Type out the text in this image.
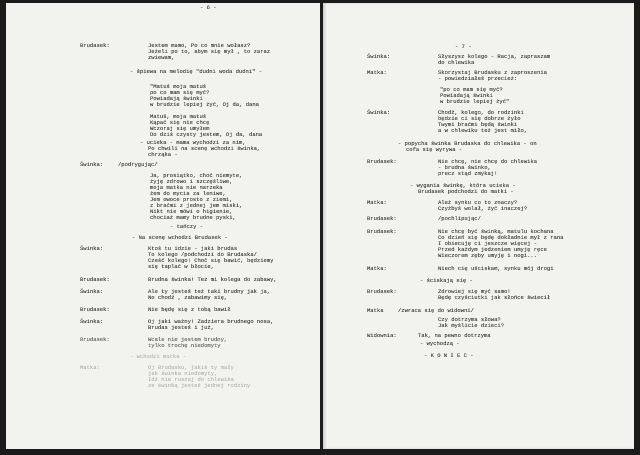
- 6 -
Brudasek:	Jestem mamo, Po co mnie wołasz?
Jeżeli po to, abym się mył , to zaraz
zwiewam,
- śpiewa na melodię "dudni woda dudni" -
"Matuś moja matuś
po co mam się myć?
Powiadają świnki
w brudzie lepiej żyć, Oj da, dana
Matuś, moja matuś
Kąpać się nie chcę
Wczoraj się umyłem
Do dziś czysty jestem, Oj da, dana
- ucieka - mama wychodzi za nim,
Po chwili na scenę wchodzi świnka,
chrząka -
Świnka:	/podrygując/
Ja, prosiątko, choć niemyte,
żyję zdrowo i szczęśliwe,
moja matka nie narzeka
żem do mycia za leniwe,
Jem owoce prosto z ziemi,
z braćmi z jednej jem miski,
Nikt nie mówi o higienie,
chociaż mamy brudne pyski,
- tańczy -
- Na scenę wchodzi Brudasek -
Świnka:	Ktoś tu idzie - jaki brudas
To kolego /podchodzi do Brudaska/
Cześć kolego! Choć się bawić, będziemy
się taplać w błocie,
Brudasek:	Brudna świnka! Też mi kolega do zabawy,
Świnka:	Ale ty jesteś też taki brudny jak ja,
No chodź , zabawimy się,
Brudasek:	Nie będę się z tobą bawił
Świnka:	Oj jaki ważny! Zadziera brudnego nosa,
Brudas jesteś i już,
Brudasek:	Wcale nie jestem brudny,
tylko trochę niedomyty
- wchodzi matka -
Matka:	Oj Brudasku, jakiś ty mały
jak świnka niedomyty,
Idź nie ruszaj do chlewika
ze świnką jesteś jednej rodziny
- 7 -
Świnka:	Słyszysz kolego - Racja, zapraszam
do chlewika
Matka:	Skorzystaj Brudasku z zaproszenia
- powiedziałeś przecież:
"po co mam się myć?
Powiadają świnki
w brudzie lepiej żyć"
Świnka:	Chodź, kolego, do rodzinki
będzie ci się dobrze żyło
Twymi braćmi będą świnki
a w chlewiku też jest miło,
- popycha świnka Brudaska do chlewika - on
cofa się wyrywa -
Brudasek:	Nie chcę, nie chcę do chlewika
- brudna świnko,
precz stąd zmykaj!
- wygania świnkę, która ucieka -
Brudasek podchodzi do matki -
Matka:	Ależ synku co to znaczy?
Czyżbyś wolał, żyć inaczej?
Brudasek:	/pochlipując/
Brudasek:	Nie chcę być świnką, matulu kochana
Co dzień się będę dokładnie mył z rana
I obiecuję ci jeszcze więcej -
Przed każdym jedzeniem umyję ręce
Wieczorem zęby umyję i nogi...
Matka:	Niech cię uściskam, synku mój drogi
- ściskają się -
Brudasek:	Zdrowiej się myć samo!
Będę czyściutki jak słońce świecił
Matka	/zwraca się do widowni/
Czy dotrzyma słowa?
Jak myślicie dzieci?
Widownia:	Tak, na pewno dotrzyma
- wychodzą -
- K O N I E C -
